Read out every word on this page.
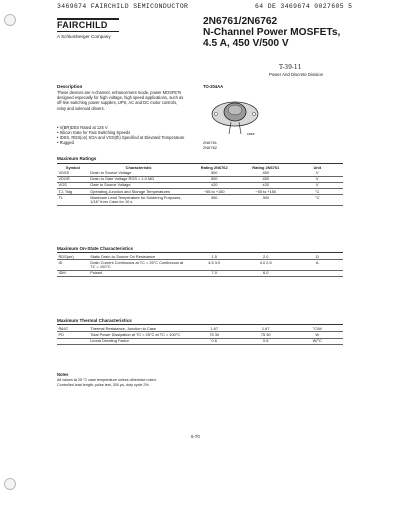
3469674 FAIRCHILD SEMICONDUCTOR	64 DE 3469674 0027605 5
FAIRCHILD
A Schlumberger Company
2N6761/2N6762
N-Channel Power MOSFETs,
4.5 A, 450 V/500 V
Power And Discrete Division
T-39-11
Description
These devices are n-channel, enhancement mode, power MOSFETs designed especially for high voltage, high speed applications, such as off-line switching power supplies, UPS, AC and DC motor controls, relay and solenoid drivers.
• V(BR)DSS Rated at 125 V
• Silicon Gate for Fast Switching Speeds
• IDSS, RDS(on) SOA and VGS(th) Specified at Elevated Temperature
• Rugged
TO-204AA
case
2N6761
2N6762
Maximum Ratings
Symbol	Characteristic	Rating 2N6762	Rating 2N6761	Unit
VDSS	Drain to Source Voltage	500	450	V
VDGR	Drain to Gate Voltage RGS = 1.0 MΩ	500	450	V
VGS	Gate to Source Voltage	±20	±20	V
TJ, Tstg	Operating Junction and Storage Temperatures	−55 to +150	−55 to +150	°C
TL	Maximum Lead Temperature for Soldering Purposes, 1/16" from Case for 10 s	300	300	°C
Maximum On-State Characteristics
RDS(on)	Static Drain-to-Source On Resistance	1.5	2.0	Ω
ID	Drain Current Continuous at TC = 25°C Continuous at TC = 100°C	4.5 3.0	4.0 2.5	A
IDM	Pulsed	7.0	6.0	
Maximum Thermal Characteristics
RθJC	Thermal Resistance, Junction to Case	1.67	1.67	°C/W
PD	Total Power Dissipation at TC = 25°C at TC = 100°C	75 30	75 30	W
	Linear Derating Factor	0.6	0.6	W/°C
Notes
All values at 25 °C case temperature unless otherwise noted.
Controlled lead length; pulse test, 300 µs, duty cycle 2%.
6-70
